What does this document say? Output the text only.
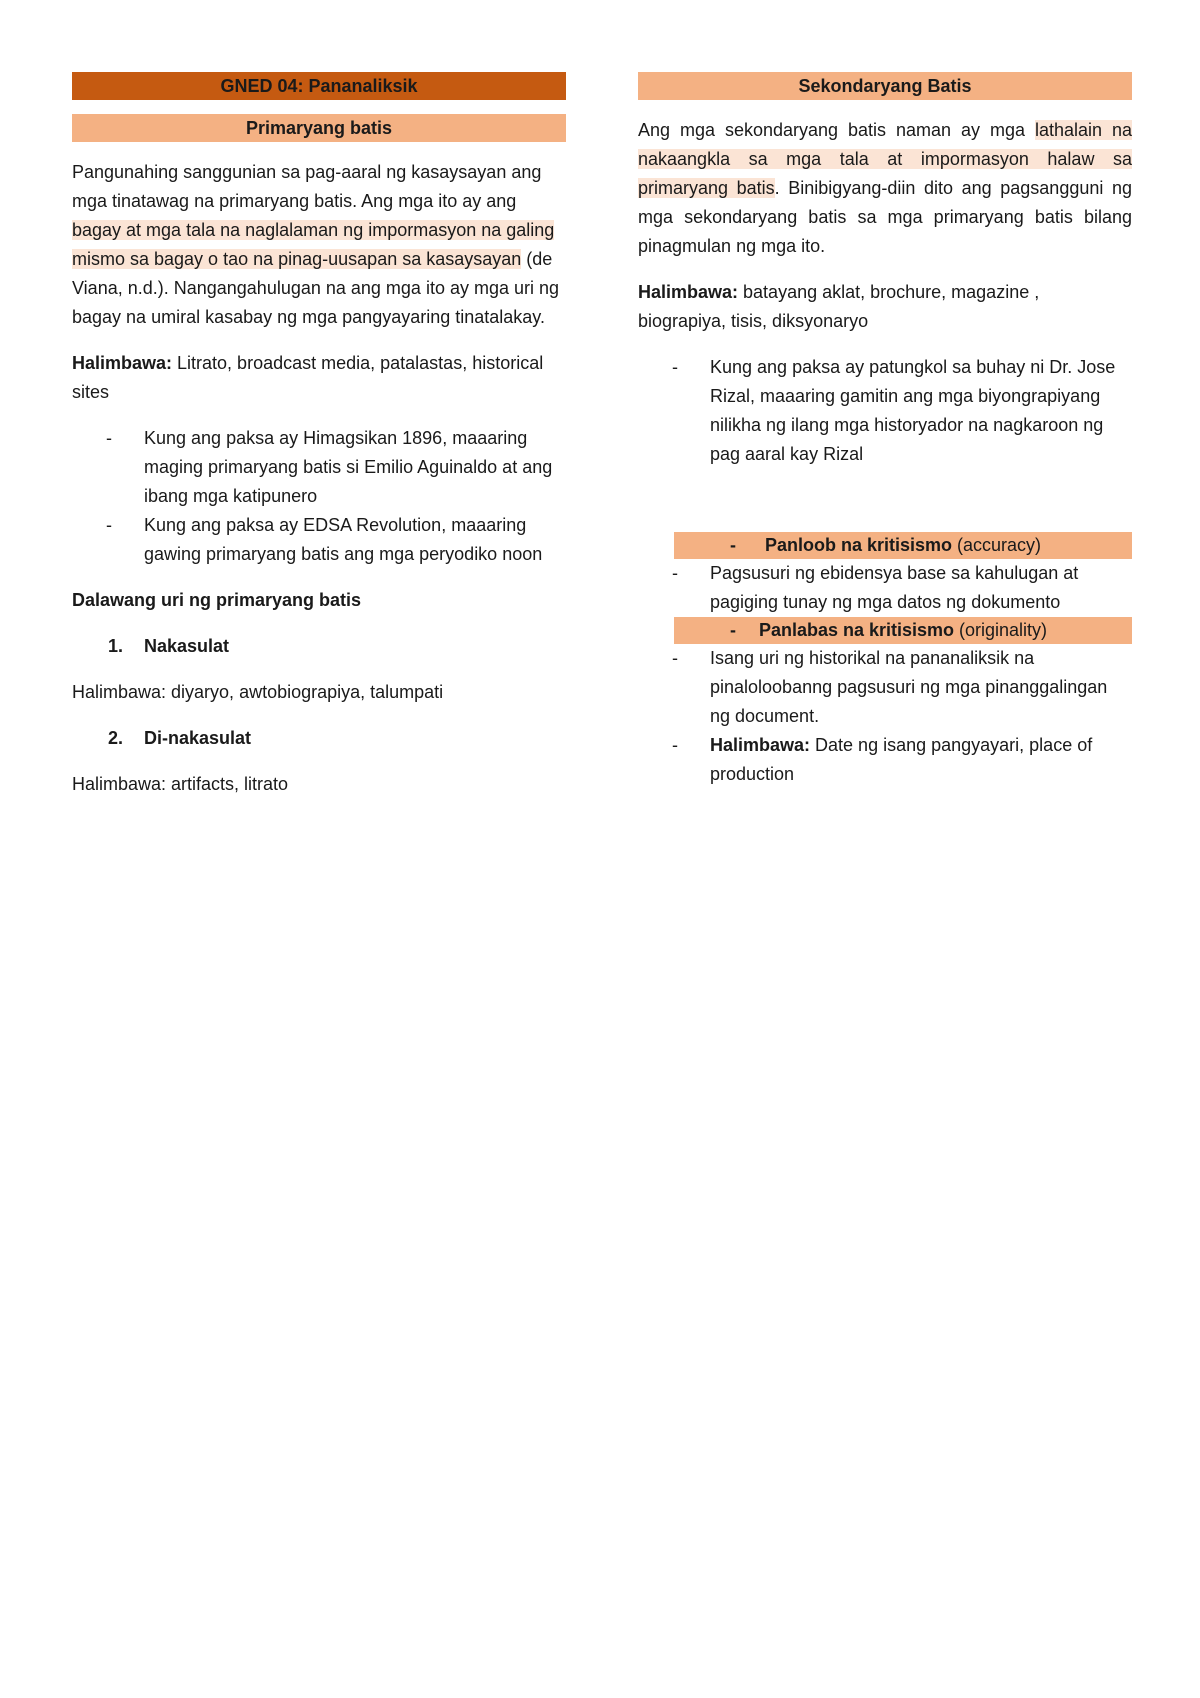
GNED 04: Pananaliksik
Primaryang batis

Pangunahing sanggunian sa pag-aaral ng kasaysayan ang mga tinatawag na primaryang batis. Ang mga ito ay ang bagay at mga tala na naglalaman ng impormasyon na galing mismo sa bagay o tao na pinag-uusapan sa kasaysayan (de Viana, n.d.). Nangangahulugan na ang mga ito ay mga uri ng bagay na umiral kasabay ng mga pangyayaring tinatalakay.

Halimbawa: Litrato, broadcast media, patalastas, historical sites

-	Kung ang paksa ay Himagsikan 1896, maaaring maging primaryang batis si Emilio Aguinaldo at ang ibang mga katipunero
-	Kung ang paksa ay EDSA Revolution, maaaring gawing primaryang batis ang mga peryodiko noon

Dalawang uri ng primaryang batis

1. Nakasulat

Halimbawa: diyaryo, awtobiograpiya, talumpati

2. Di-nakasulat

Halimbawa: artifacts, litrato

Sekondaryang Batis

Ang mga sekondaryang batis naman ay mga lathalain na nakaangkla sa mga tala at impormasyon halaw sa primaryang batis. Binibigyang-diin dito ang pagsangguni ng mga sekondaryang batis sa mga primaryang batis bilang pinagmulan ng mga ito.

Halimbawa: batayang aklat, brochure, magazine , biograpiya, tisis, diksyonaryo

-	Kung ang paksa ay patungkol sa buhay ni Dr. Jose Rizal, maaaring gamitin ang mga biyongrapiyang nilikha ng ilang mga historyador na nagkaroon ng pag aaral kay Rizal
- Panloob na kritisismo (accuracy)
-	Pagsusuri ng ebidensya base sa kahulugan at pagiging tunay ng mga datos ng dokumento
- Panlabas na kritisismo (originality)
-	Isang uri ng historikal na pananaliksik na pinaloloobanng pagsusuri ng mga pinanggalingan ng document.
-	Halimbawa: Date ng isang pangyayari, place of production
